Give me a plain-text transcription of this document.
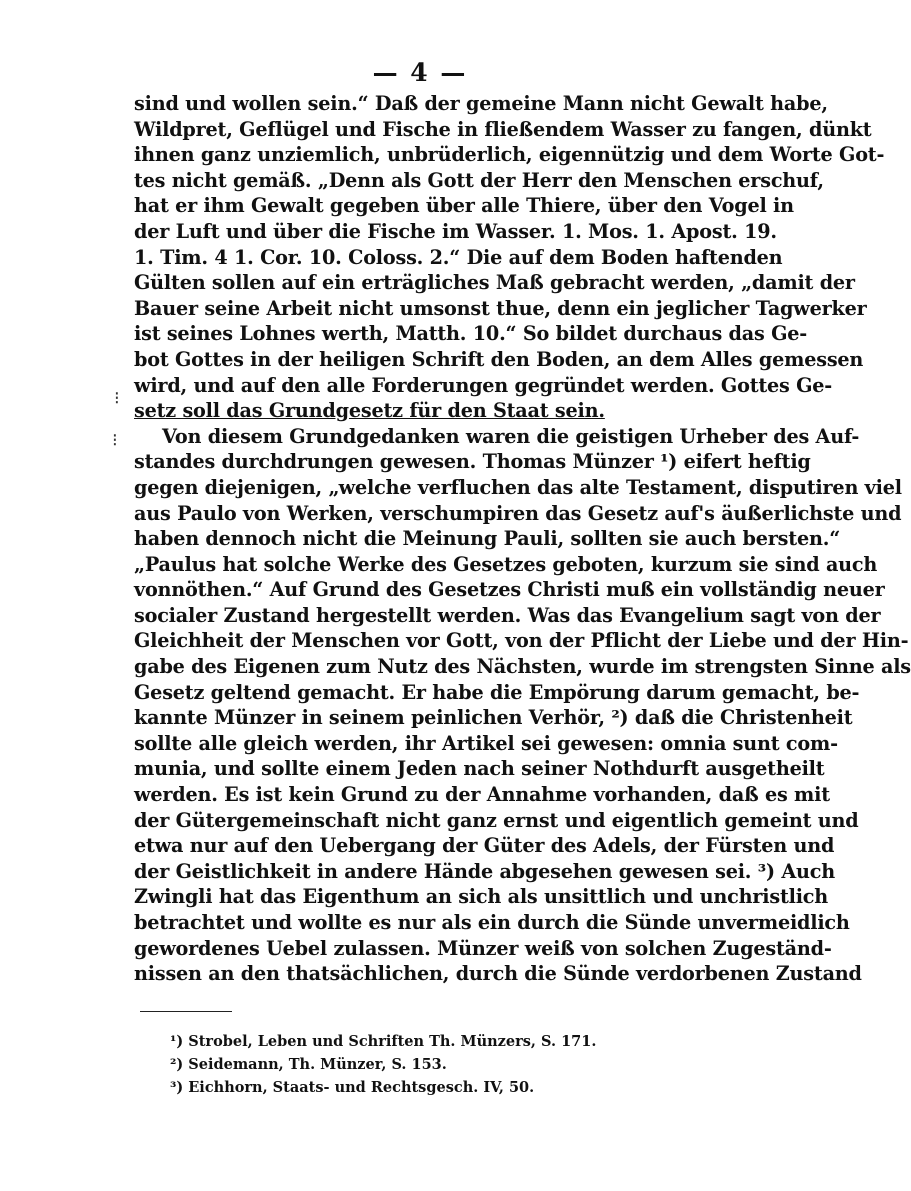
— 4 —
⁝
⁝
sind und wollen sein.“ Daß der gemeine Mann nicht Gewalt habe,
Wildpret, Geflügel und Fische in fließendem Wasser zu fangen, dünkt
ihnen ganz unziemlich, unbrüderlich, eigennützig und dem Worte Got-
tes nicht gemäß. „Denn als Gott der Herr den Menschen erschuf,
hat er ihm Gewalt gegeben über alle Thiere, über den Vogel in
der Luft und über die Fische im Wasser. 1. Mos. 1. Apost. 19.
1. Tim. 4 1. Cor. 10. Coloss. 2.“ Die auf dem Boden haftenden
Gülten sollen auf ein erträgliches Maß gebracht werden, „damit der
Bauer seine Arbeit nicht umsonst thue, denn ein jeglicher Tagwerker
ist seines Lohnes werth, Matth. 10.“ So bildet durchaus das Ge-
bot Gottes in der heiligen Schrift den Boden, an dem Alles gemessen
wird, und auf den alle Forderungen gegründet werden. Gottes Ge-
setz soll das Grundgesetz für den Staat sein.
Von diesem Grundgedanken waren die geistigen Urheber des Auf-
standes durchdrungen gewesen. Thomas Münzer ¹) eifert heftig
gegen diejenigen, „welche verfluchen das alte Testament, disputiren viel
aus Paulo von Werken, verschumpiren das Gesetz auf's äußerlichste und
haben dennoch nicht die Meinung Pauli, sollten sie auch bersten.“
„Paulus hat solche Werke des Gesetzes geboten, kurzum sie sind auch
vonnöthen.“ Auf Grund des Gesetzes Christi muß ein vollständig neuer
socialer Zustand hergestellt werden. Was das Evangelium sagt von der
Gleichheit der Menschen vor Gott, von der Pflicht der Liebe und der Hin-
gabe des Eigenen zum Nutz des Nächsten, wurde im strengsten Sinne als
Gesetz geltend gemacht. Er habe die Empörung darum gemacht, be-
kannte Münzer in seinem peinlichen Verhör, ²) daß die Christenheit
sollte alle gleich werden, ihr Artikel sei gewesen: omnia sunt com-
munia, und sollte einem Jeden nach seiner Nothdurft ausgetheilt
werden. Es ist kein Grund zu der Annahme vorhanden, daß es mit
der Gütergemeinschaft nicht ganz ernst und eigentlich gemeint und
etwa nur auf den Uebergang der Güter des Adels, der Fürsten und
der Geistlichkeit in andere Hände abgesehen gewesen sei. ³) Auch
Zwingli hat das Eigenthum an sich als unsittlich und unchristlich
betrachtet und wollte es nur als ein durch die Sünde unvermeidlich
gewordenes Uebel zulassen. Münzer weiß von solchen Zugeständ-
nissen an den thatsächlichen, durch die Sünde verdorbenen Zustand
¹) Strobel, Leben und Schriften Th. Münzers, S. 171.
²) Seidemann, Th. Münzer, S. 153.
³) Eichhorn, Staats- und Rechtsgesch. IV, 50.
